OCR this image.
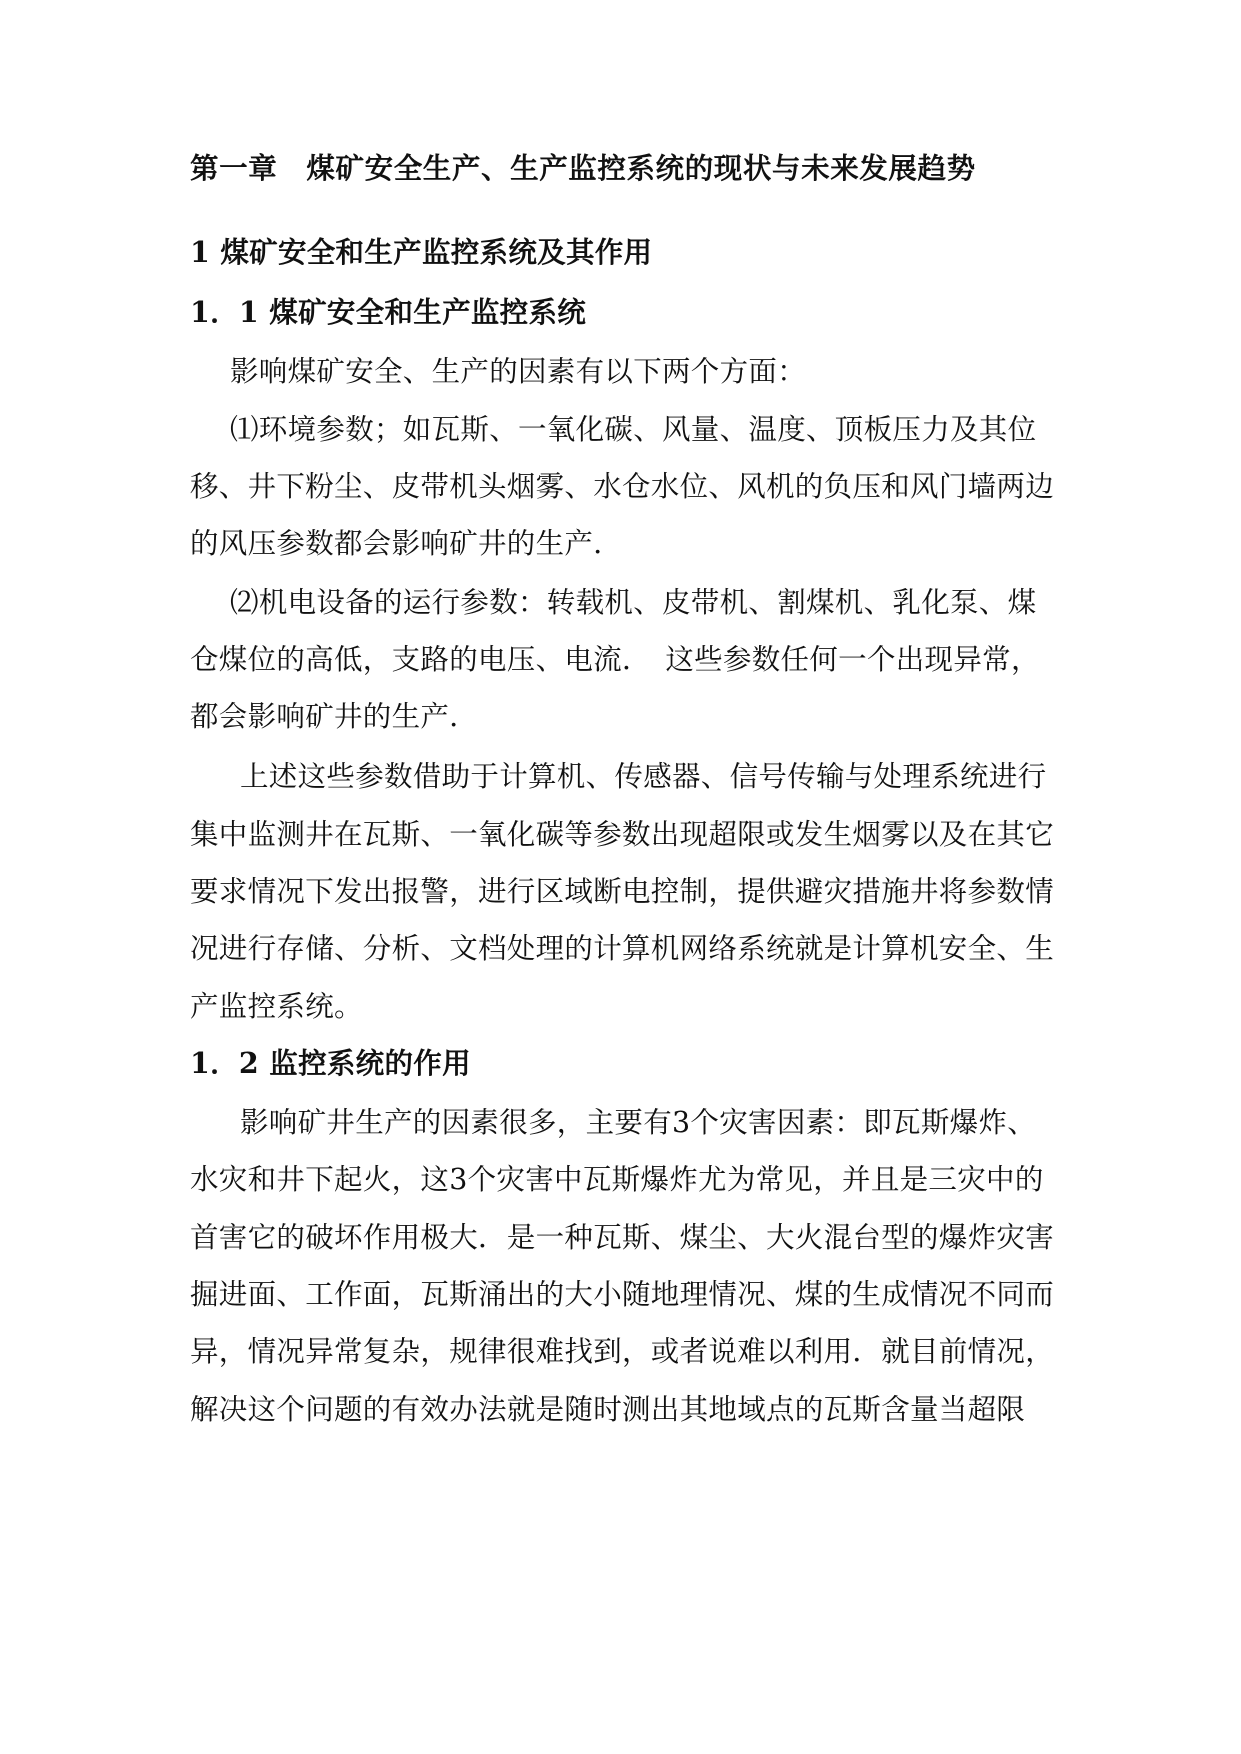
第一章　煤矿安全生产、生产监控系统的现状与未来发展趋势
1 煤矿安全和生产监控系统及其作用
1．1 煤矿安全和生产监控系统
影响煤矿安全、生产的因素有以下两个方面：
⑴环境参数；如瓦斯、一氧化碳、风量、温度、顶板压力及其位
移、井下粉尘、皮带机头烟雾、水仓水位、风机的负压和风门墙两边
的风压参数都会影响矿井的生产．
⑵机电设备的运行参数：转载机、皮带机、割煤机、乳化泵、煤
仓煤位的高低，支路的电压、电流．　这些参数任何一个出现异常，
都会影响矿井的生产．
上述这些参数借助于计算机、传感器、信号传输与处理系统进行
集中监测井在瓦斯、一氧化碳等参数出现超限或发生烟雾以及在其它
要求情况下发出报警，进行区域断电控制，提供避灾措施井将参数情
况进行存储、分析、文档处理的计算机网络系统就是计算机安全、生
产监控系统。
1．2 监控系统的作用
影响矿井生产的因素很多，主要有3个灾害因素：即瓦斯爆炸、
水灾和井下起火，这3个灾害中瓦斯爆炸尤为常见，并且是三灾中的
首害它的破坏作用极大．是一种瓦斯、煤尘、大火混台型的爆炸灾害
掘进面、工作面，瓦斯涌出的大小随地理情况、煤的生成情况不同而
异，情况异常复杂，规律很难找到，或者说难以利用．就目前情况，
解决这个问题的有效办法就是随时测出其地域点的瓦斯含量当超限
